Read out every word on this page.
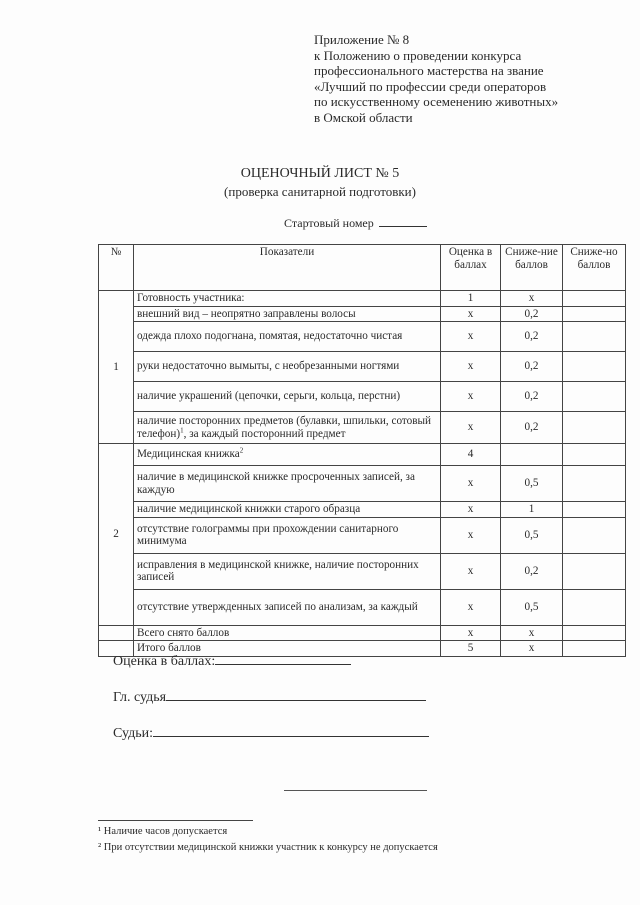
Приложение № 8
к Положению о проведении конкурса
профессионального мастерства на звание
«Лучший по профессии среди операторов
по искусственному осеменению животных»
в Омской области
ОЦЕНОЧНЫЙ ЛИСТ № 5
(проверка санитарной подготовки)
Стартовый номер
№	Показатели	Оценка в баллах	Сниже-ние баллов	Сниже-но баллов
1	Готовность участника:	1	х	
	внешний вид – неопрятно заправлены волосы	х	0,2	
	одежда плохо подогнана, помятая, недостаточно чистая	х	0,2	
	руки недостаточно вымыты, с необрезанными ногтями	х	0,2	
	наличие украшений (цепочки, серьги, кольца, перстни)	х	0,2	
	наличие посторонних предметов (булавки, шпильки, сотовый телефон)$^1$, за каждый посторонний предмет	х	0,2	
2	Медицинская книжка$^2$	4		
	наличие в медицинской книжке просроченных записей, за каждую	х	0,5	
	наличие медицинской книжки старого образца	х	1	
	отсутствие голограммы при прохождении санитарного минимума	х	0,5	
	исправления в медицинской книжке, наличие посторонних записей	х	0,2	
	отсутствие утвержденных записей по анализам, за каждый	х	0,5	
	Всего снято баллов	х	х	
	Итого баллов	5	х	
Оценка в баллах:
Гл. судья
Судьи:
¹ Наличие часов допускается
² При отсутствии медицинской книжки участник к конкурсу не допускается
